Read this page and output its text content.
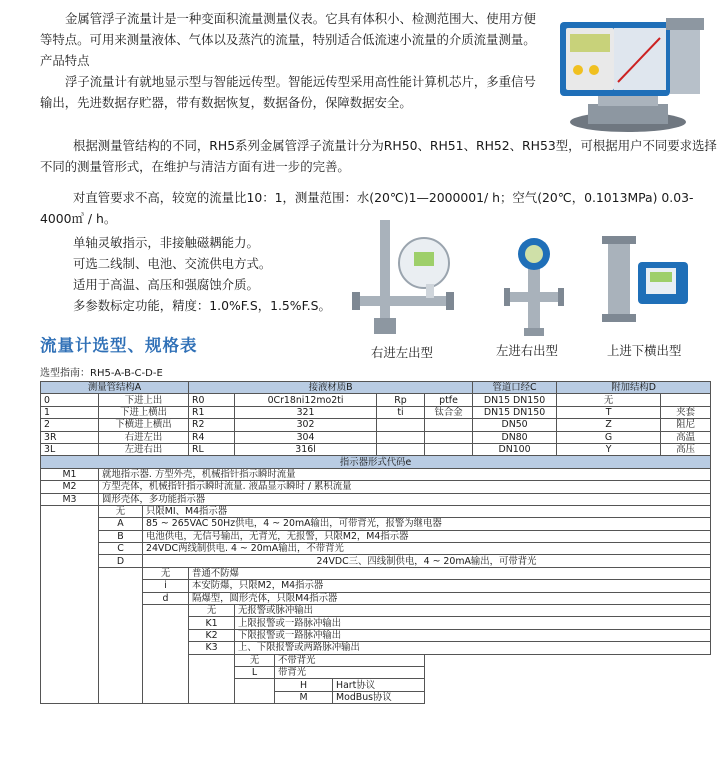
金属管浮子流量计是一种变面积流量测量仪表。它具有体积小、检测范围大、使用方便等特点。可用来测量液体、气体以及蒸汽的流量，特别适合低流速小流量的介质流量测量。

产品特点

浮子流量计有就地显示型与智能远传型。智能远传型采用高性能计算机芯片，多重信号输出，先进数据存贮器，带有数据恢复，数据备份，保障数据安全。

根据测量管结构的不同，RH5系列金属管浮子流量计分为RH50、RH51、RH52、RH53型，可根据用户不同要求选择不同的测量管形式，在维护与清洁方面有进一步的完善。

对直管要求不高，较宽的流量比10：1，测量范围：水(20℃)1—2000001/ h；空气(20℃，0.1013MPa) 0.03-4000㎥ / h。

单轴灵敏指示，非接触磁耦能力。

可选二线制、电池、交流供电方式。

适用于高温、高压和强腐蚀介质。

多参数标定功能，精度：1.0%F.S，1.5%F.S。

右进左出型	左进右出型	上进下横出型
流量计选型、规格表
选型指南：RH5-A-B-C-D-E
测量管结构A			接液材质B						管道口经C	附加结构D	
0	下进上出		R0	0Cr18ni12mo2ti			Rp	ptfe	DN15 DN150	无	
1	下进上横出		R1	321			ti	钛合金	DN15 DN150	T	夹套
2	下横进上横出		R2	302					DN50	Z	阻尼
3R	右进左出		R4	304					DN80	G	高温
3L	左进右出		RL	316l					DN100	Y	高压
指示器形式代码e											
M1	就地指示器. 方型外壳，机械指针指示瞬时流量										
M2	方型壳体，机械指针指示瞬时流量. 液晶显示瞬时 / 累积流量										
M3	圆形壳体，多功能指示器										
	无	只限MI、M4指示器									
	A	85 ~ 265VAC 50Hz供电，4 ~ 20mA输出，可带背光，报警为继电器									
	B	电池供电，无信号输出，无背光，无报警，只限M2，M4指示器									
	C	24VDC两线制供电. 4 ~ 20mA输出，不带背光									
	D	24VDC三、四线制供电，4 ~ 20mA输出，可带背光									
		无	普通不防爆								
		i	本安防爆，只限M2，M4指示器								
		d	隔爆型，圆形壳体，只限M4指示器								
			无	无报警或脉冲输出							
			K1	上限报警或一路脉冲输出							
			K2	下限报警或一路脉冲输出							
			K3	上、下限报警或两路脉冲输出							
				无	不带背光						
				L	带背光						
					H	Hart协议					
					M	ModBus协议					
